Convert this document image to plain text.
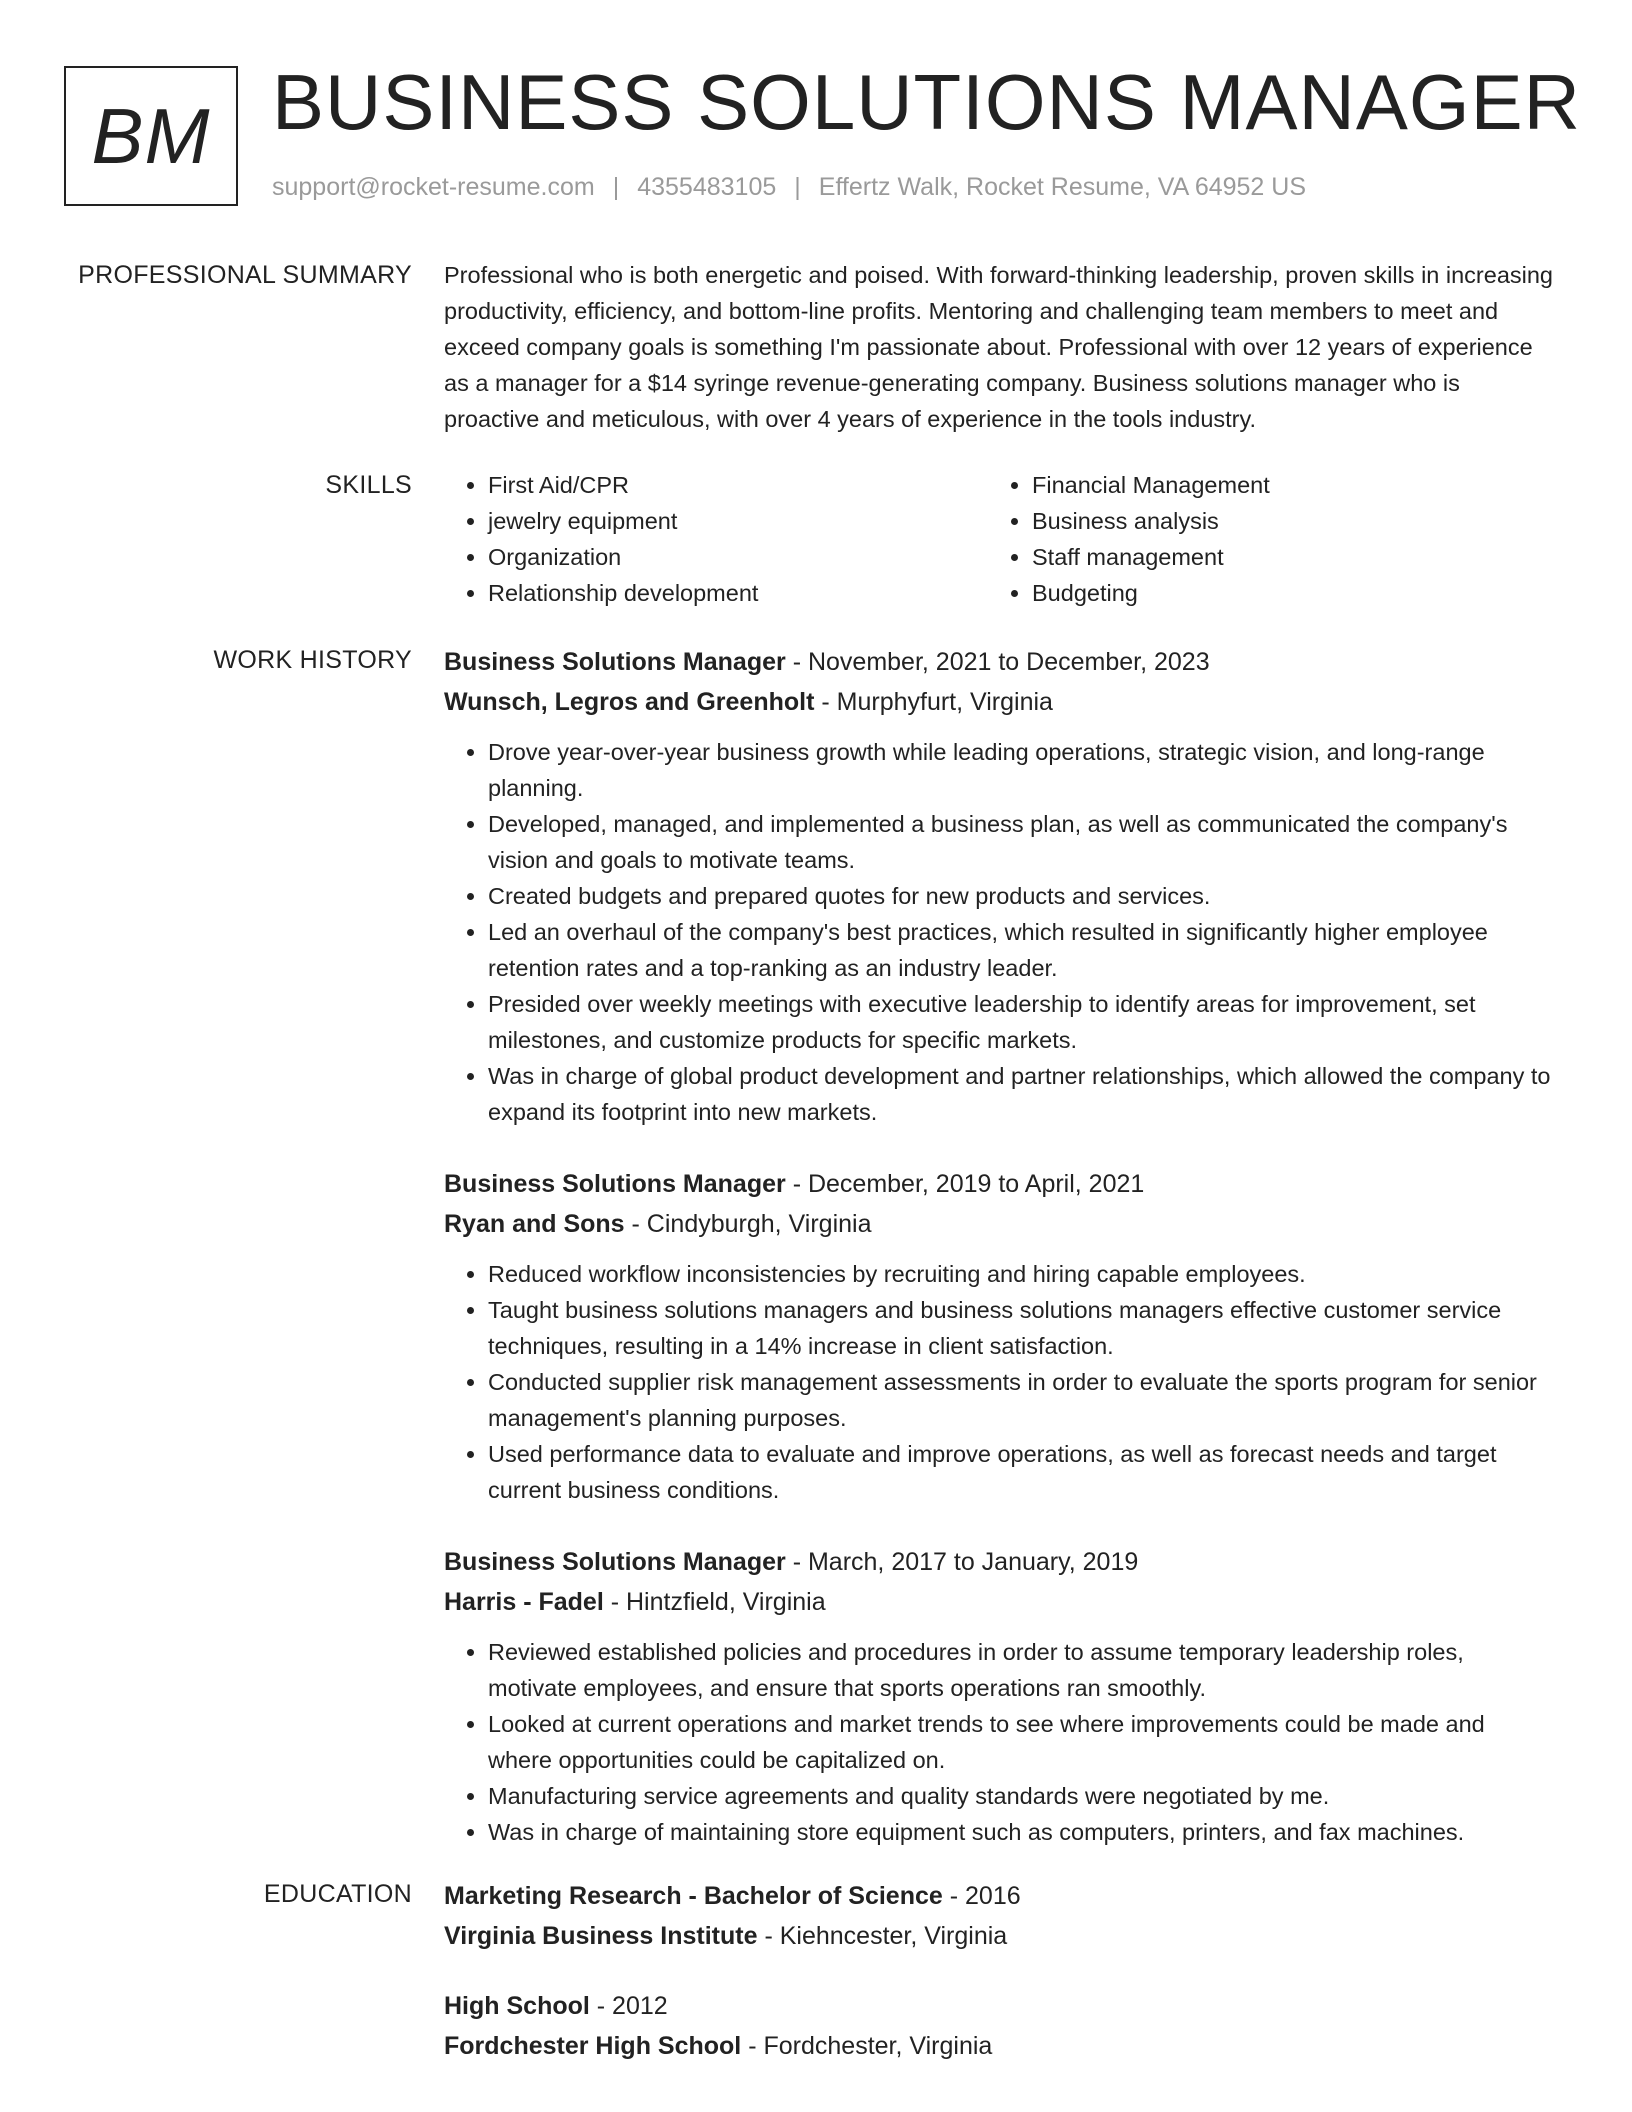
BM BUSINESS SOLUTIONS MANAGER
support@rocket-resume.com | 4355483105 | Effertz Walk, Rocket Resume, VA 64952 US
PROFESSIONAL SUMMARY Professional who is both energetic and poised. With forward-thinking leadership, proven skills in increasing productivity, efficiency, and bottom-line profits. Mentoring and challenging team members to meet and exceed company goals is something I'm passionate about. Professional with over 12 years of experience as a manager for a $14 syringe revenue-generating company. Business solutions manager who is proactive and meticulous, with over 4 years of experience in the tools industry.

SKILLS
•	First Aid/CPR
• jewelry equipment
• Organization
• Relationship development
• Financial Management
• Business analysis
• Staff management
• Budgeting
WORK HISTORY Business Solutions Manager - November, 2021 to December, 2023
Wunsch, Legros and Greenholt - Murphyfurt, Virginia
• Drove year-over-year business growth while leading operations, strategic vision, and long-range planning.
• Developed, managed, and implemented a business plan, as well as communicated the company's vision and goals to motivate teams.
• Created budgets and prepared quotes for new products and services.
• Led an overhaul of the company's best practices, which resulted in significantly higher employee retention rates and a top-ranking as an industry leader.
• Presided over weekly meetings with executive leadership to identify areas for improvement, set milestones, and customize products for specific markets.
• Was in charge of global product development and partner relationships, which allowed the company to expand its footprint into new markets.
Business Solutions Manager - December, 2019 to April, 2021
Ryan and Sons - Cindyburgh, Virginia
• Reduced workflow inconsistencies by recruiting and hiring capable employees.
• Taught business solutions managers and business solutions managers effective customer service techniques, resulting in a 14% increase in client satisfaction.
• Conducted supplier risk management assessments in order to evaluate the sports program for senior management's planning purposes.
• Used performance data to evaluate and improve operations, as well as forecast needs and target current business conditions.
Business Solutions Manager - March, 2017 to January, 2019
Harris - Fadel - Hintzfield, Virginia
• Reviewed established policies and procedures in order to assume temporary leadership roles, motivate employees, and ensure that sports operations ran smoothly.
• Looked at current operations and market trends to see where improvements could be made and where opportunities could be capitalized on.
• Manufacturing service agreements and quality standards were negotiated by me.
• Was in charge of maintaining store equipment such as computers, printers, and fax machines.
EDUCATION Marketing Research - Bachelor of Science - 2016
Virginia Business Institute - Kiehncester, Virginia
High School - 2012
Fordchester High School - Fordchester, Virginia
